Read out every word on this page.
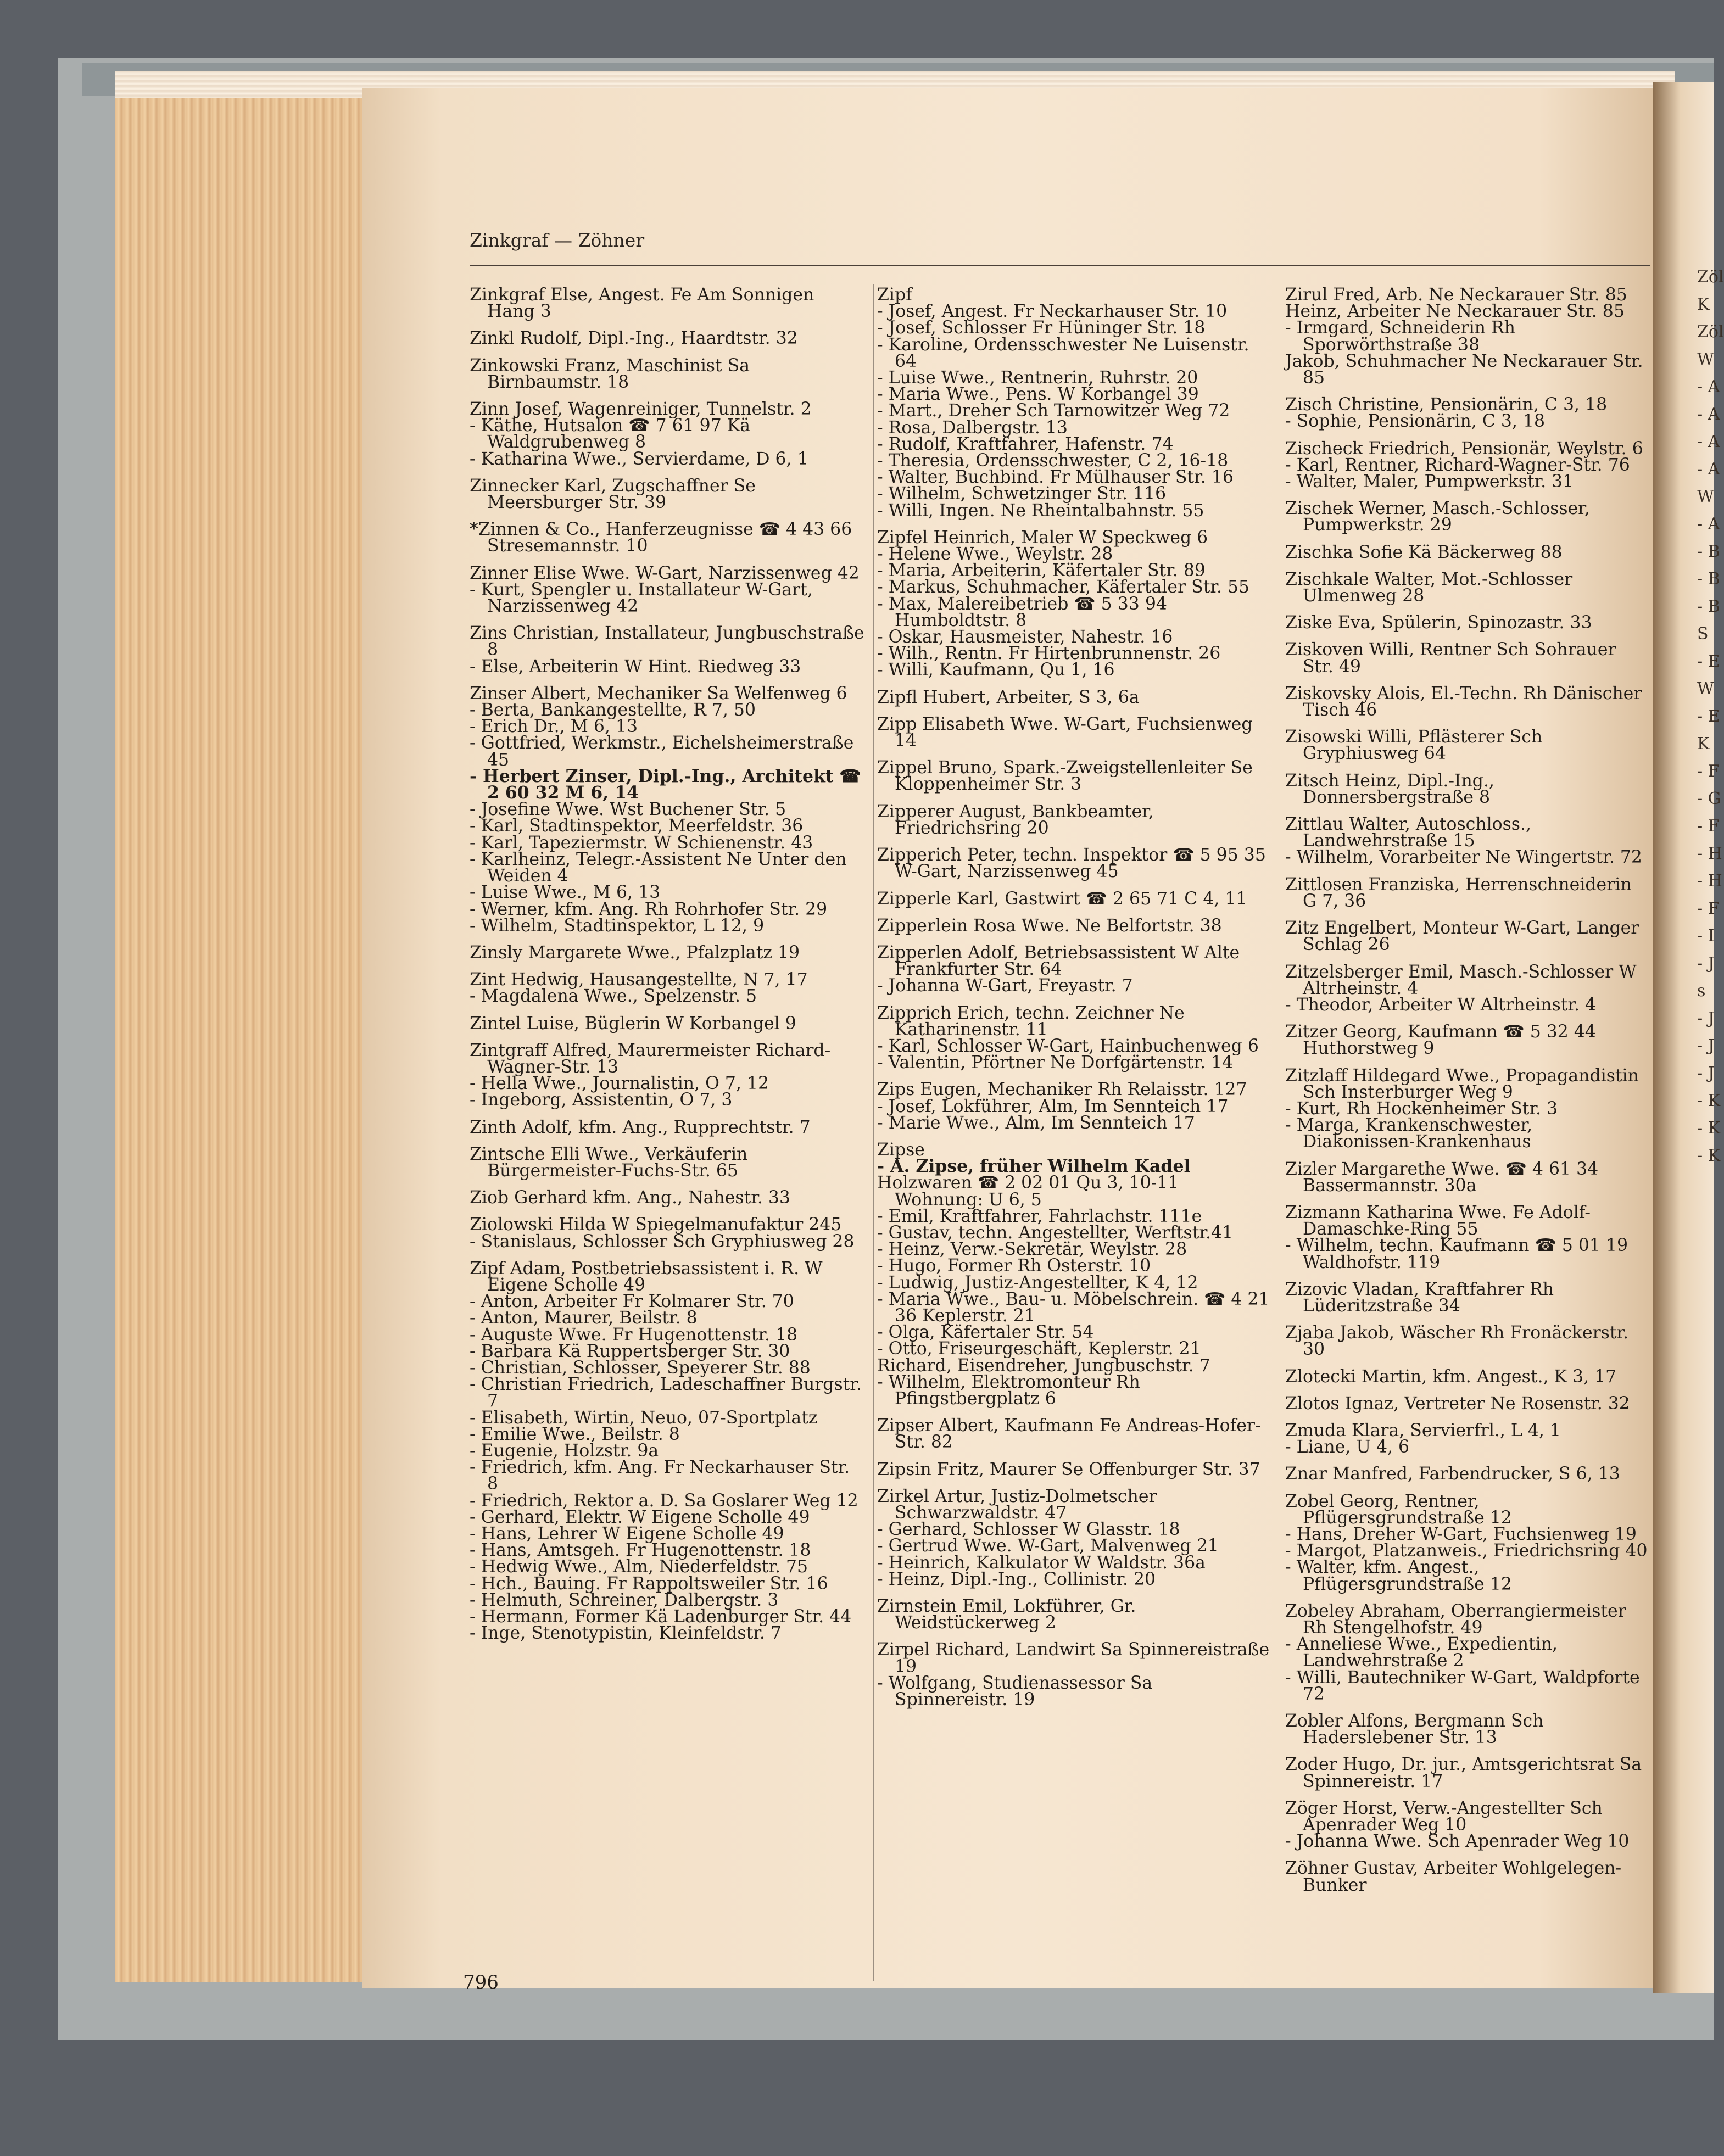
Zöl
K
Zöl
W
- A
- A
- A
- A
W
- A
- B
- B
- B
S
- E
W
- E
K
- F
- G
- F
- H
- H
- F
- I
- J
s
- J
- J
- J
- K
- K
- K
Zinkgraf — Zöhner

Zinkgraf Else, Angest. Fe Am Sonnigen Hang 3

Zinkl Rudolf, Dipl.-Ing., Haardtstr. 32

Zinkowski Franz, Maschinist Sa Birnbaumstr. 18

Zinn Josef, Wagenreiniger, Tunnelstr. 2

- Käthe, Hutsalon ☎ 7 61 97 Kä Waldgrubenweg 8

- Katharina Wwe., Servierdame, D 6, 1

Zinnecker Karl, Zugschaffner Se Meersburger Str. 39

*Zinnen & Co., Hanferzeugnisse ☎ 4 43 66 Stresemannstr. 10

Zinner Elise Wwe. W-Gart, Narzissenweg 42

- Kurt, Spengler u. Installateur W-Gart, Narzissenweg 42

Zins Christian, Installateur, Jungbuschstraße 8

- Else, Arbeiterin W Hint. Riedweg 33

Zinser Albert, Mechaniker Sa Welfenweg 6

- Berta, Bankangestellte, R 7, 50

- Erich Dr., M 6, 13

- Gottfried, Werkmstr., Eichelsheimerstraße 45

- Herbert Zinser, Dipl.-Ing., Architekt ☎ 2 60 32 M 6, 14

- Josefine Wwe. Wst Buchener Str. 5

- Karl, Stadtinspektor, Meerfeldstr. 36

- Karl, Tapeziermstr. W Schienenstr. 43

- Karlheinz, Telegr.-Assistent Ne Unter den Weiden 4

- Luise Wwe., M 6, 13

- Werner, kfm. Ang. Rh Rohrhofer Str. 29

- Wilhelm, Stadtinspektor, L 12, 9

Zinsly Margarete Wwe., Pfalzplatz 19

Zint Hedwig, Hausangestellte, N 7, 17

- Magdalena Wwe., Spelzenstr. 5

Zintel Luise, Büglerin W Korbangel 9

Zintgraff Alfred, Maurermeister Richard-Wagner-Str. 13

- Hella Wwe., Journalistin, O 7, 12

- Ingeborg, Assistentin, O 7, 3

Zinth Adolf, kfm. Ang., Rupprechtstr. 7

Zintsche Elli Wwe., Verkäuferin Bürgermeister-Fuchs-Str. 65

Ziob Gerhard kfm. Ang., Nahestr. 33

Ziolowski Hilda W Spiegelmanufaktur 245

- Stanislaus, Schlosser Sch Gryphiusweg 28

Zipf Adam, Postbetriebsassistent i. R. W Eigene Scholle 49

- Anton, Arbeiter Fr Kolmarer Str. 70

- Anton, Maurer, Beilstr. 8

- Auguste Wwe. Fr Hugenottenstr. 18

- Barbara Kä Ruppertsberger Str. 30

- Christian, Schlosser, Speyerer Str. 88

- Christian Friedrich, Ladeschaffner Burgstr. 7

- Elisabeth, Wirtin, Neuo, 07-Sportplatz

- Emilie Wwe., Beilstr. 8

- Eugenie, Holzstr. 9a

- Friedrich, kfm. Ang. Fr Neckarhauser Str. 8

- Friedrich, Rektor a. D. Sa Goslarer Weg 12

- Gerhard, Elektr. W Eigene Scholle 49

- Hans, Lehrer W Eigene Scholle 49

- Hans, Amtsgeh. Fr Hugenottenstr. 18

- Hedwig Wwe., Alm, Niederfeldstr. 75

- Hch., Bauing. Fr Rappoltsweiler Str. 16

- Helmuth, Schreiner, Dalbergstr. 3

- Hermann, Former Kä Ladenburger Str. 44

- Inge, Stenotypistin, Kleinfeldstr. 7

Zipf

- Josef, Angest. Fr Neckarhauser Str. 10

- Josef, Schlosser Fr Hüninger Str. 18

- Karoline, Ordensschwester Ne Luisenstr. 64

- Luise Wwe., Rentnerin, Ruhrstr. 20

- Maria Wwe., Pens. W Korbangel 39

- Mart., Dreher Sch Tarnowitzer Weg 72

- Rosa, Dalbergstr. 13

- Rudolf, Kraftfahrer, Hafenstr. 74

- Theresia, Ordensschwester, C 2, 16-18

- Walter, Buchbind. Fr Mülhauser Str. 16

- Wilhelm, Schwetzinger Str. 116

- Willi, Ingen. Ne Rheintalbahnstr. 55

Zipfel Heinrich, Maler W Speckweg 6

- Helene Wwe., Weylstr. 28

- Maria, Arbeiterin, Käfertaler Str. 89

- Markus, Schuhmacher, Käfertaler Str. 55

- Max, Malereibetrieb ☎ 5 33 94 Humboldtstr. 8

- Oskar, Hausmeister, Nahestr. 16

- Wilh., Rentn. Fr Hirtenbrunnenstr. 26

- Willi, Kaufmann, Qu 1, 16

Zipfl Hubert, Arbeiter, S 3, 6a

Zipp Elisabeth Wwe. W-Gart, Fuchsienweg 14

Zippel Bruno, Spark.-Zweigstellenleiter Se Kloppenheimer Str. 3

Zipperer August, Bankbeamter, Friedrichsring 20

Zipperich Peter, techn. Inspektor ☎ 5 95 35 W-Gart, Narzissenweg 45

Zipperle Karl, Gastwirt ☎ 2 65 71 C 4, 11

Zipperlein Rosa Wwe. Ne Belfortstr. 38

Zipperlen Adolf, Betriebsassistent W Alte Frankfurter Str. 64

- Johanna W-Gart, Freyastr. 7

Zipprich Erich, techn. Zeichner Ne Katharinenstr. 11

- Karl, Schlosser W-Gart, Hainbuchenweg 6

- Valentin, Pförtner Ne Dorfgärtenstr. 14

Zips Eugen, Mechaniker Rh Relaisstr. 127

- Josef, Lokführer, Alm, Im Sennteich 17

- Marie Wwe., Alm, Im Sennteich 17

Zipse

- A. Zipse, früher Wilhelm Kadel

Holzwaren ☎ 2 02 01 Qu 3, 10-11 Wohnung: U 6, 5

- Emil, Kraftfahrer, Fahrlachstr. 111e

- Gustav, techn. Angestellter, Werftstr.41

- Heinz, Verw.-Sekretär, Weylstr. 28

- Hugo, Former Rh Osterstr. 10

- Ludwig, Justiz-Angestellter, K 4, 12

- Maria Wwe., Bau- u. Möbelschrein. ☎ 4 21 36 Keplerstr. 21

- Olga, Käfertaler Str. 54

- Otto, Friseurgeschäft, Keplerstr. 21

Richard, Eisendreher, Jungbuschstr. 7

- Wilhelm, Elektromonteur Rh Pfingstbergplatz 6

Zipser Albert, Kaufmann Fe Andreas-Hofer-Str. 82

Zipsin Fritz, Maurer Se Offenburger Str. 37

Zirkel Artur, Justiz-Dolmetscher Schwarzwaldstr. 47

- Gerhard, Schlosser W Glasstr. 18

- Gertrud Wwe. W-Gart, Malvenweg 21

- Heinrich, Kalkulator W Waldstr. 36a

- Heinz, Dipl.-Ing., Collinistr. 20

Zirnstein Emil, Lokführer, Gr. Weidstückerweg 2

Zirpel Richard, Landwirt Sa Spinnereistraße 19

- Wolfgang, Studienassessor Sa Spinnereistr. 19

Zirul Fred, Arb. Ne Neckarauer Str. 85

Heinz, Arbeiter Ne Neckarauer Str. 85

- Irmgard, Schneiderin Rh Sporwörthstraße 38

Jakob, Schuhmacher Ne Neckarauer Str. 85

Zisch Christine, Pensionärin, C 3, 18

- Sophie, Pensionärin, C 3, 18

Zischeck Friedrich, Pensionär, Weylstr. 6

- Karl, Rentner, Richard-Wagner-Str. 76

- Walter, Maler, Pumpwerkstr. 31

Zischek Werner, Masch.-Schlosser, Pumpwerkstr. 29

Zischka Sofie Kä Bäckerweg 88

Zischkale Walter, Mot.-Schlosser Ulmenweg 28

Ziske Eva, Spülerin, Spinozastr. 33

Ziskoven Willi, Rentner Sch Sohrauer Str. 49

Ziskovsky Alois, El.-Techn. Rh Dänischer Tisch 46

Zisowski Willi, Pflästerer Sch Gryphiusweg 64

Zitsch Heinz, Dipl.-Ing., Donnersbergstraße 8

Zittlau Walter, Autoschloss., Landwehrstraße 15

- Wilhelm, Vorarbeiter Ne Wingertstr. 72

Zittlosen Franziska, Herrenschneiderin G 7, 36

Zitz Engelbert, Monteur W-Gart, Langer Schlag 26

Zitzelsberger Emil, Masch.-Schlosser W Altrheinstr. 4

- Theodor, Arbeiter W Altrheinstr. 4

Zitzer Georg, Kaufmann ☎ 5 32 44 Huthorstweg 9

Zitzlaff Hildegard Wwe., Propagandistin Sch Insterburger Weg 9

- Kurt, Rh Hockenheimer Str. 3

- Marga, Krankenschwester, Diakonissen-Krankenhaus

Zizler Margarethe Wwe. ☎ 4 61 34 Bassermannstr. 30a

Zizmann Katharina Wwe. Fe Adolf-Damaschke-Ring 55

- Wilhelm, techn. Kaufmann ☎ 5 01 19 Waldhofstr. 119

Zizovic Vladan, Kraftfahrer Rh Lüderitzstraße 34

Zjaba Jakob, Wäscher Rh Fronäckerstr. 30

Zlotecki Martin, kfm. Angest., K 3, 17

Zlotos Ignaz, Vertreter Ne Rosenstr. 32

Zmuda Klara, Servierfrl., L 4, 1

- Liane, U 4, 6

Znar Manfred, Farbendrucker, S 6, 13

Zobel Georg, Rentner, Pflügersgrundstraße 12

- Hans, Dreher W-Gart, Fuchsienweg 19

- Margot, Platzanweis., Friedrichsring 40

- Walter, kfm. Angest., Pflügersgrundstraße 12

Zobeley Abraham, Oberrangiermeister Rh Stengelhofstr. 49

- Anneliese Wwe., Expedientin, Landwehrstraße 2

- Willi, Bautechniker W-Gart, Waldpforte 72

Zobler Alfons, Bergmann Sch Haderslebener Str. 13

Zoder Hugo, Dr. jur., Amtsgerichtsrat Sa Spinnereistr. 17

Zöger Horst, Verw.-Angestellter Sch Apenrader Weg 10

- Johanna Wwe. Sch Apenrader Weg 10

Zöhner Gustav, Arbeiter Wohlgelegen-Bunker

796
